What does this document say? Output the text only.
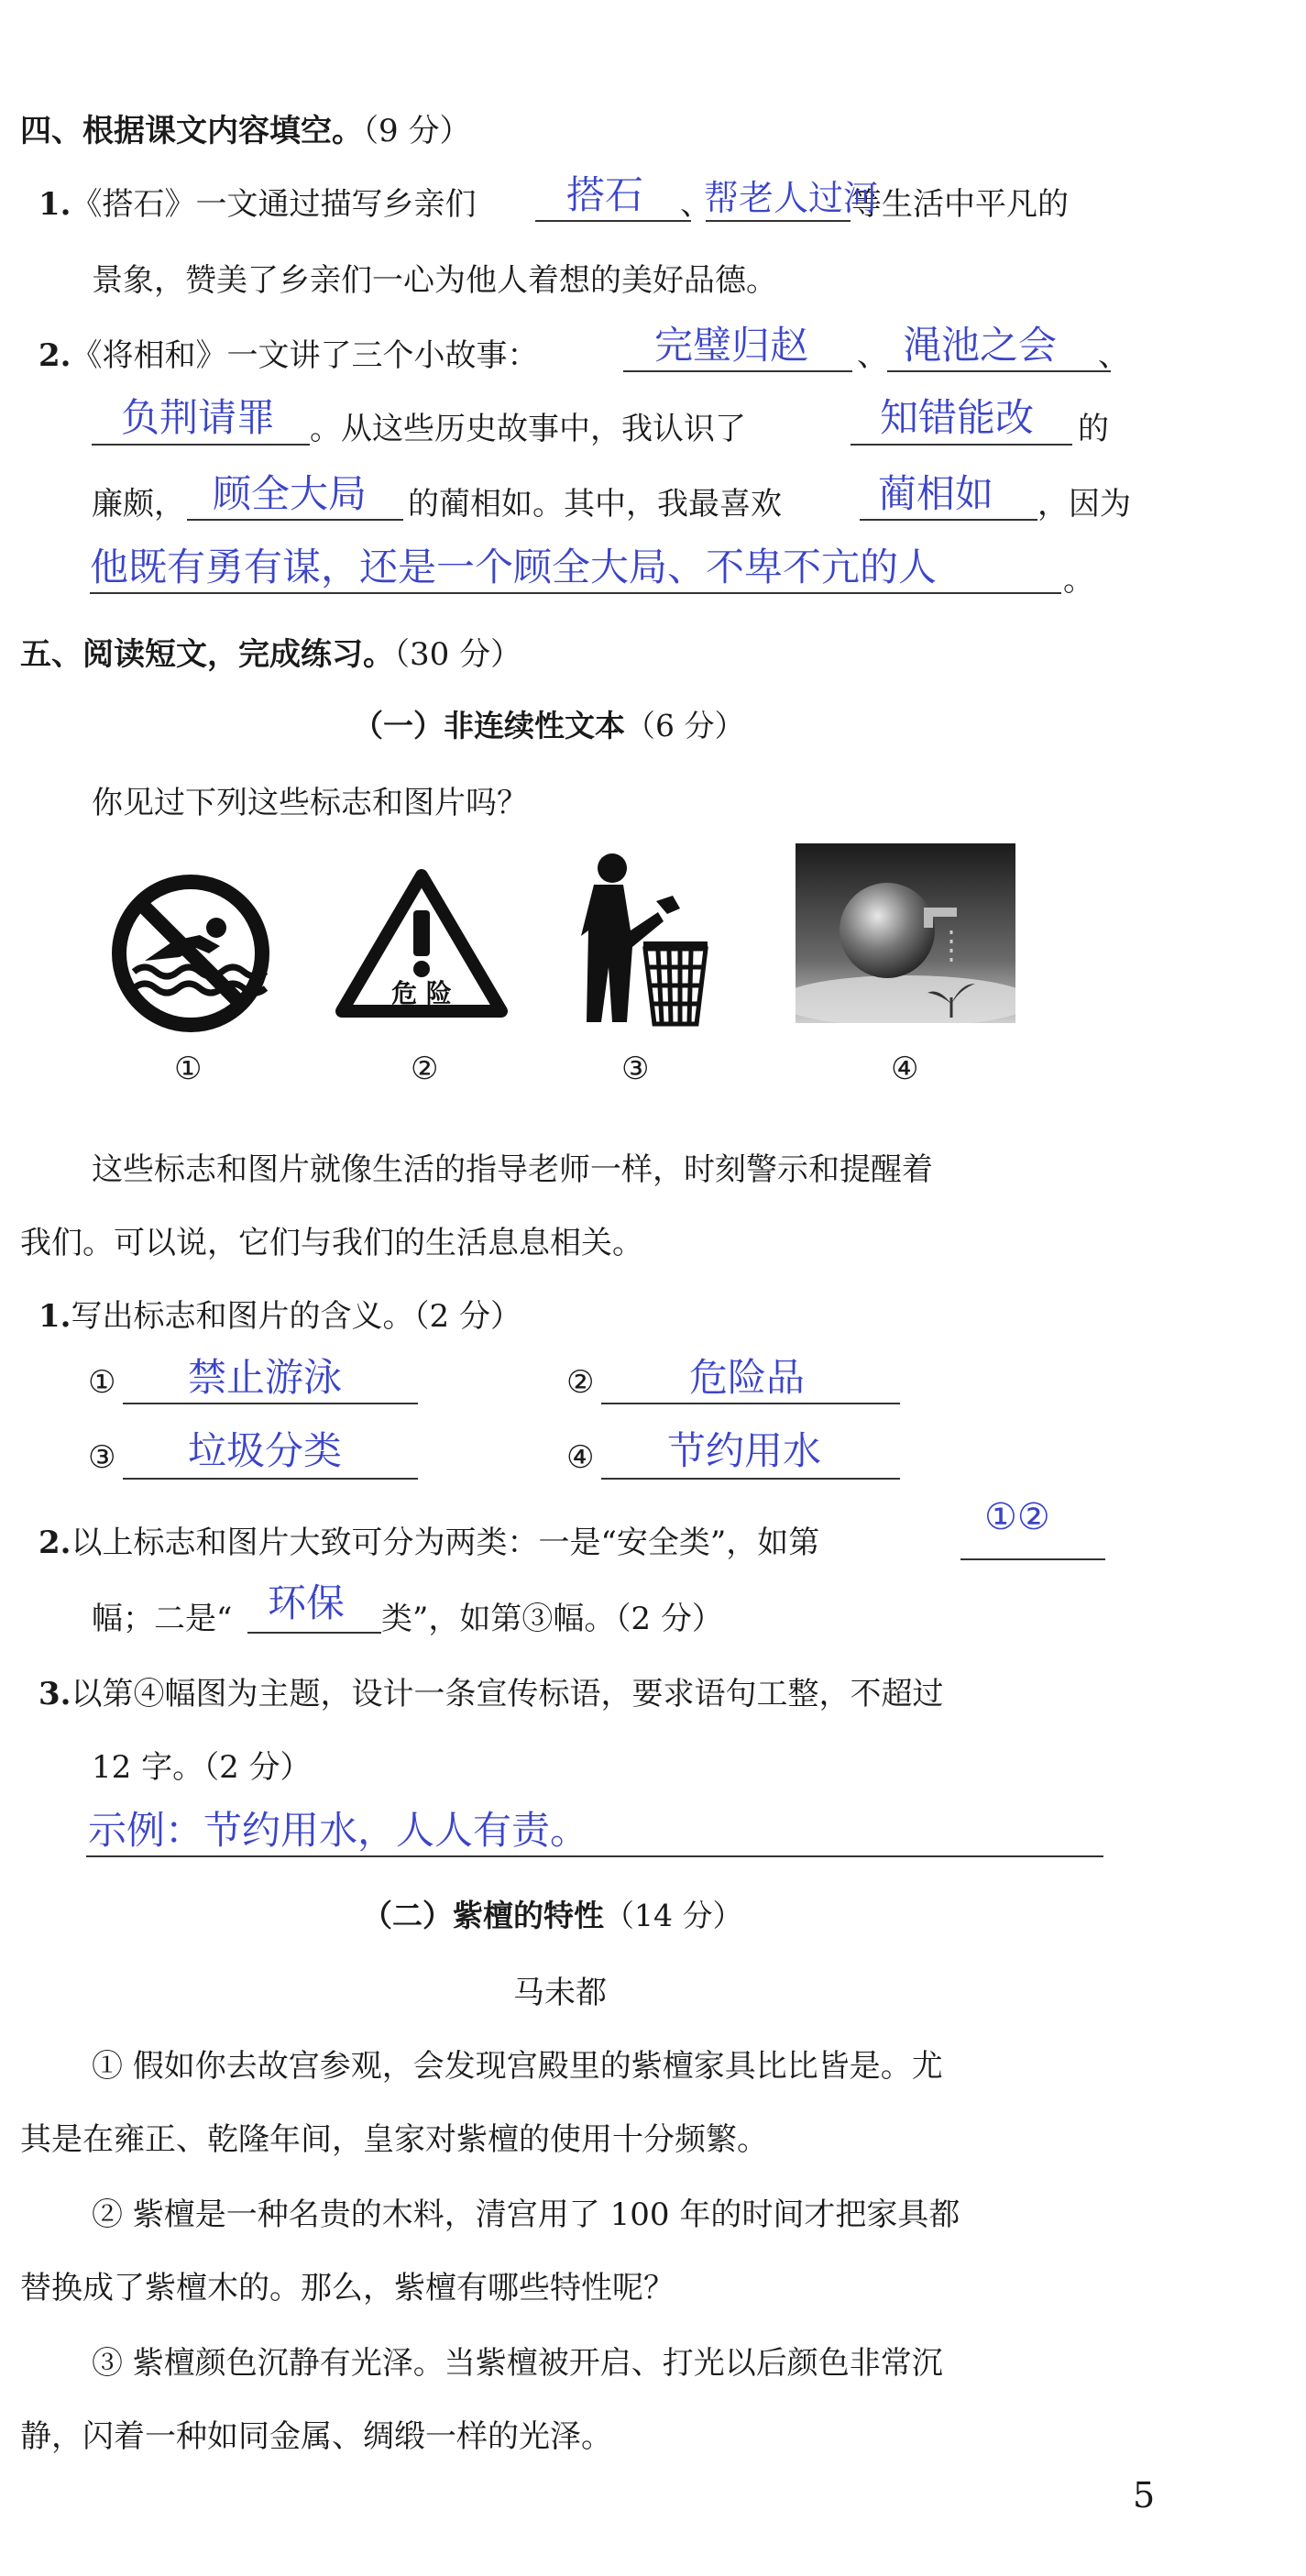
四、根据课文内容填空。（9 分）
1.《搭石》一文通过描写乡亲们	、	等生活中平凡的
搭石 帮老人过河
景象，赞美了乡亲们一心为他人着想的美好品德。
2.《将相和》一文讲了三个小故事：	完璧归赵 、 渑池之会 、
负荆请罪 。从这些历史故事中，我认识了	知错能改 的
廉颇， 顾全大局 的蔺相如。其中，我最喜欢	蔺相如 ，因为
他既有勇有谋，还是一个顾全大局、不卑不亢的人	。
五、阅读短文，完成练习。（30 分）
（一）非连续性文本（6 分）
你见过下列这些标志和图片吗？
危 险
①	②	③	④
这些标志和图片就像生活的指导老师一样，时刻警示和提醒着
我们。可以说，它们与我们的生活息息相关。
1.写出标志和图片的含义。（2 分）
① 禁止游泳	② 危险品
③ 垃圾分类	④ 节约用水
2.以上标志和图片大致可分为两类：一是“安全类”，如第
①②
幅；二是“ 环保 类”，如第③幅。（2 分）
3.以第④幅图为主题，设计一条宣传标语，要求语句工整，不超过
12 字。（2 分）
示例：节约用水，人人有责。
（二）紫檀的特性（14 分）
马未都
① 假如你去故宫参观，会发现宫殿里的紫檀家具比比皆是。尤
其是在雍正、乾隆年间，皇家对紫檀的使用十分频繁。
② 紫檀是一种名贵的木料，清宫用了 100 年的时间才把家具都
替换成了紫檀木的。那么，紫檀有哪些特性呢？
③ 紫檀颜色沉静有光泽。当紫檀被开启、打光以后颜色非常沉
静，闪着一种如同金属、绸缎一样的光泽。
5
